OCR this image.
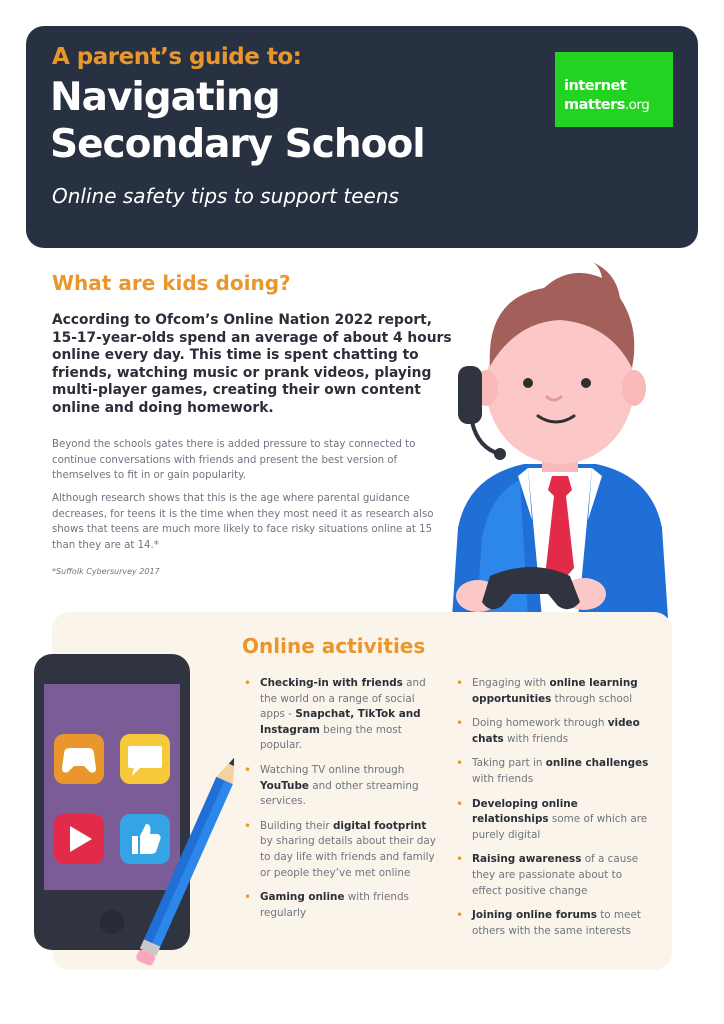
A parent’s guide to:
Navigating
Secondary School
Online safety tips to support teens
internet
matters.org
What are kids doing?
According to Ofcom’s Online Nation 2022 report, 15-17-year-olds spend an average of about 4 hours online every day. This time is spent chatting to friends, watching music or prank videos, playing multi-player games, creating their own content online and doing homework.
Beyond the schools gates there is added pressure to stay connected to continue conversations with friends and present the best version of themselves to fit in or gain popularity.
Although research shows that this is the age where parental guidance decreases, for teens it is the time when they most need it as research also shows that teens are much more likely to face risky situations online at 15 than they are at 14.*
*Suffolk Cybersurvey 2017
Online activities
• Checking-in with friends and the world on a range of social apps - Snapchat, TikTok and Instagram being the most popular.
• Watching TV online through YouTube and other streaming services.
• Building their digital footprint by sharing details about their day to day life with friends and family or people they’ve met online
• Gaming online with friends regularly
• Engaging with online learning opportunities through school
• Doing homework through video chats with friends
• Taking part in online challenges with friends
• Developing online relationships some of which are purely digital
• Raising awareness of a cause they are passionate about to effect positive change
• Joining online forums to meet others with the same interests
